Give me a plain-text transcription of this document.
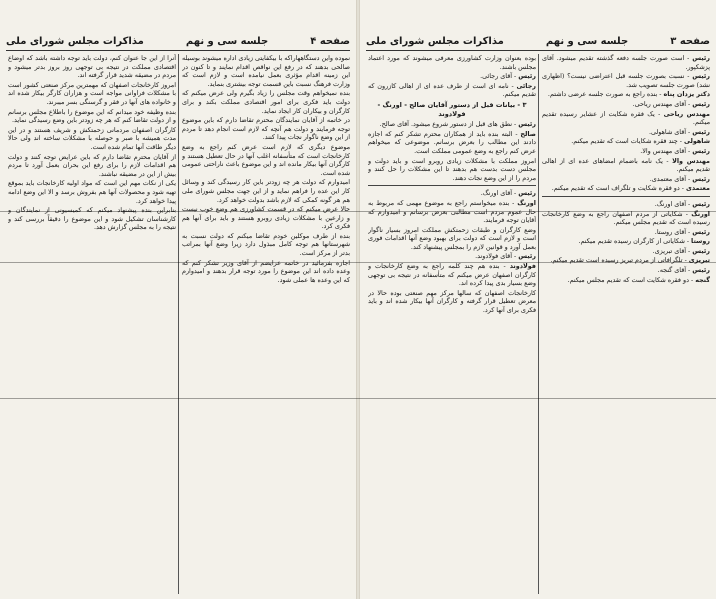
صفحه ۴
جلسه سی و نهم
مذاکرات مجلس شورای ملی

نموده واین دستگاههاراکه با بیکفایتی زیادی اداره میشوند بوسیله صالحی بدهند که در رفع این نواقص اقدام نمایند و تا کنون در این زمینه اقدام مؤثری بعمل نیامده است و لازم است که وزارت فرهنگ نسبت باین قسمت توجه بیشتری بنماید.

بنده نمیخواهم وقت مجلس را زیاد بگیرم ولی عرض میکنم که دولت باید فکری برای امور اقتصادی مملکت بکند و برای کارگران و بیکاران کار ایجاد نماید.

در خاتمه از آقایان نمایندگان محترم تقاضا دارم که باین موضوع توجه فرمایند و دولت هم آنچه که لازم است انجام دهد تا مردم از این وضع ناگوار نجات پیدا کنند.

موضوع دیگری که لازم است عرض کنم راجع به وضع کارخانجات است که متأسفانه اغلب آنها در حال تعطیل هستند و کارگران آنها بیکار مانده اند و این موضوع باعث ناراحتی عمومی شده است.

امیدوارم که دولت هر چه زودتر باین کار رسیدگی کند و وسائل کار این عده را فراهم نماید و از این جهت مجلس شورای ملی هم هر گونه کمکی که لازم باشد بدولت خواهد کرد.

حالا عرض میکنم که در قسمت کشاورزی هم وضع خوب نیست و زارعین با مشکلات زیادی روبرو هستند و باید برای آنها هم فکری کرد.

بنده از طرف موکلین خودم تقاضا میکنم که دولت نسبت به شهرستانها هم توجه کامل مبذول دارد زیرا وضع آنها بمراتب بدتر از مرکز است.

اجازه بفرمائید در خاتمه عرایضم از آقای وزیر تشکر کنم که وعده داده اند این موضوع را مورد توجه قرار بدهند و امیدوارم که این وعده ها عملی شود.

آنرا از این جا عنوان کنم، دولت باید توجه داشته باشد که اوضاع اقتصادی مملکت در نتیجه بی توجهی روز بروز بدتر میشود و مردم در مضیقه شدید قرار گرفته اند.

امروز کارخانجات اصفهان که مهمترین مرکز صنعتی کشور است با مشکلات فراوانی مواجه است و هزاران کارگر بیکار شده اند و خانواده های آنها در فقر و گرسنگی بسر میبرند.

بنده وظیفه خود میدانم که این موضوع را باطلاع مجلس برسانم و از دولت تقاضا کنم که هر چه زودتر باین وضع رسیدگی نماید.

کارگران اصفهان مردمانی زحمتکش و شریف هستند و در این مدت همیشه با صبر و حوصله با مشکلات ساخته اند ولی حالا دیگر طاقت آنها تمام شده است.

از آقایان محترم تقاضا دارم که باین عرایض توجه کنند و دولت هم اقدامات لازم را برای رفع این بحران بعمل آورد تا مردم بیش از این در مضیقه نباشند.

یکی از نکات مهم این است که مواد اولیه کارخانجات باید بموقع تهیه شود و محصولات آنها هم بفروش برسد و الا این وضع ادامه پیدا خواهد کرد.

بنابراین بنده پیشنهاد میکنم که کمیسیونی از نمایندگان و کارشناسان تشکیل شود و این موضوع را دقیقاً بررسی کند و نتیجه را به مجلس گزارش دهد.

صفحه ۳
جلسه سی و نهم
مذاکرات مجلس شورای ملی

رئیس - است صورت جلسه دفعه گذشته تقدیم میشود. آقای پزشکپور.

رئیس - نسبت بصورت جلسه قبل اعتراضی نیست؟ (اظهاری نشد) صورت جلسه تصویب شد.

دکتر یزدان پناه - بنده راجع به صورت جلسه عرضی داشتم.

رئیس - آقای مهندس ریاحی.

مهندس ریاحی - یک فقره شکایت از عشایر رسیده تقدیم میکنم.

رئیس - آقای شاهولی.

شاهولی - چند فقره شکایات است که تقدیم میکنم.

رئیس - آقای مهندس والا.

مهندس والا - یک نامه باضمام امضاهای عده ای از اهالی تقدیم میکنم.

رئیس - آقای معتمدی.

معتمدی - دو فقره شکایت و تلگراف است که تقدیم میکنم.

رئیس - آقای اورنگ.

اورنگ - شکایاتی از مردم اصفهان راجع به وضع کارخانجات رسیده است که تقدیم مجلس میکنم.

رئیس - آقای روستا.

روستا - شکایاتی از کارگران رسیده تقدیم میکنم.

رئیس - آقای تبریزی.

تبریزی - تلگرافاتی از مردم تبریز رسیده است تقدیم میکنم.

رئیس - آقای گنجه.

گنجه - دو فقره شکایت است که تقدیم مجلس میکنم.

بوده بعنوان وزارت کشاورزی معرفی میشوند که مورد اعتماد مجلس باشند.

رئیس - آقای رجائی.

رجائی - نامه ای است از طرف عده ای از اهالی کازرون که تقدیم میکنم.

۳ - بیانات قبل از دستور آقایان صالح - اورنگ - فولادوند

رئیس - نطق های قبل از دستور شروع میشود. آقای صالح.

صالح - البته بنده باید از همکاران محترم تشکر کنم که اجازه دادند این مطالب را بعرض برسانم. موضوعی که میخواهم عرض کنم راجع به وضع عمومی مملکت است.

امروز مملکت با مشکلات زیادی روبرو است و باید دولت و مجلس دست بدست هم بدهند تا این مشکلات را حل کنند و مردم را از این وضع نجات دهند.

رئیس - آقای اورنگ.

اورنگ - بنده میخواستم راجع به موضوع مهمی که مربوط به حال عموم مردم است مطالبی بعرض برسانم و امیدوارم که آقایان توجه فرمایند.

وضع کارگران و طبقات زحمتکش مملکت امروز بسیار ناگوار است و لازم است که دولت برای بهبود وضع آنها اقدامات فوری بعمل آورد و قوانین لازم را بمجلس پیشنهاد کند.

رئیس - آقای فولادوند.

فولادوند - بنده هم چند کلمه راجع به وضع کارخانجات و کارگران اصفهان عرض میکنم که متأسفانه در نتیجه بی توجهی وضع بسیار بدی پیدا کرده اند.

کارخانجات اصفهان که سالها مرکز مهم صنعتی بوده حالا در معرض تعطیل قرار گرفته و کارگران آنها بیکار شده اند و باید فکری برای آنها کرد.
